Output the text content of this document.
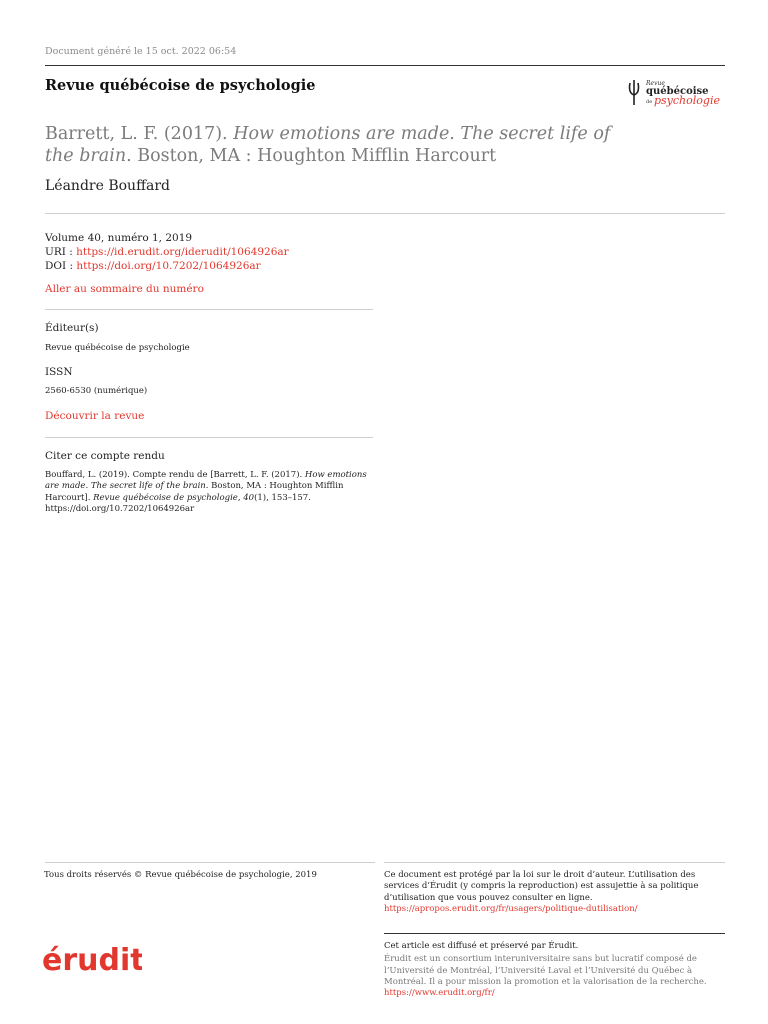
Document généré le 15 oct. 2022 06:54
Revue québécoise de psychologie	Revue
québécoise
de psychologie
Barrett, L. F. (2017). How emotions are made. The secret life of the brain. Boston, MA : Houghton Mifflin Harcourt
Léandre Bouffard
Volume 40, numéro 1, 2019
URI : https://id.erudit.org/iderudit/1064926ar
DOI : https://doi.org/10.7202/1064926ar
Aller au sommaire du numéro
Éditeur(s)
Revue québécoise de psychologie
ISSN
2560-6530 (numérique)
Découvrir la revue
Citer ce compte rendu
Bouffard, L. (2019). Compte rendu de [Barrett, L. F. (2017). How emotions are made. The secret life of the brain. Boston, MA : Houghton Mifflin Harcourt]. Revue québécoise de psychologie, 40(1), 153–157.
https://doi.org/10.7202/1064926ar
Tous droits réservés © Revue québécoise de psychologie, 2019	Ce document est protégé par la loi sur le droit d’auteur. L’utilisation des services d’Érudit (y compris la reproduction) est assujettie à sa politique d’utilisation que vous pouvez consulter en ligne.
https://apropos.erudit.org/fr/usagers/politique-dutilisation/
érudit	Cet article est diffusé et préservé par Érudit.
Érudit est un consortium interuniversitaire sans but lucratif composé de l’Université de Montréal, l’Université Laval et l’Université du Québec à Montréal. Il a pour mission la promotion et la valorisation de la recherche.
https://www.erudit.org/fr/
